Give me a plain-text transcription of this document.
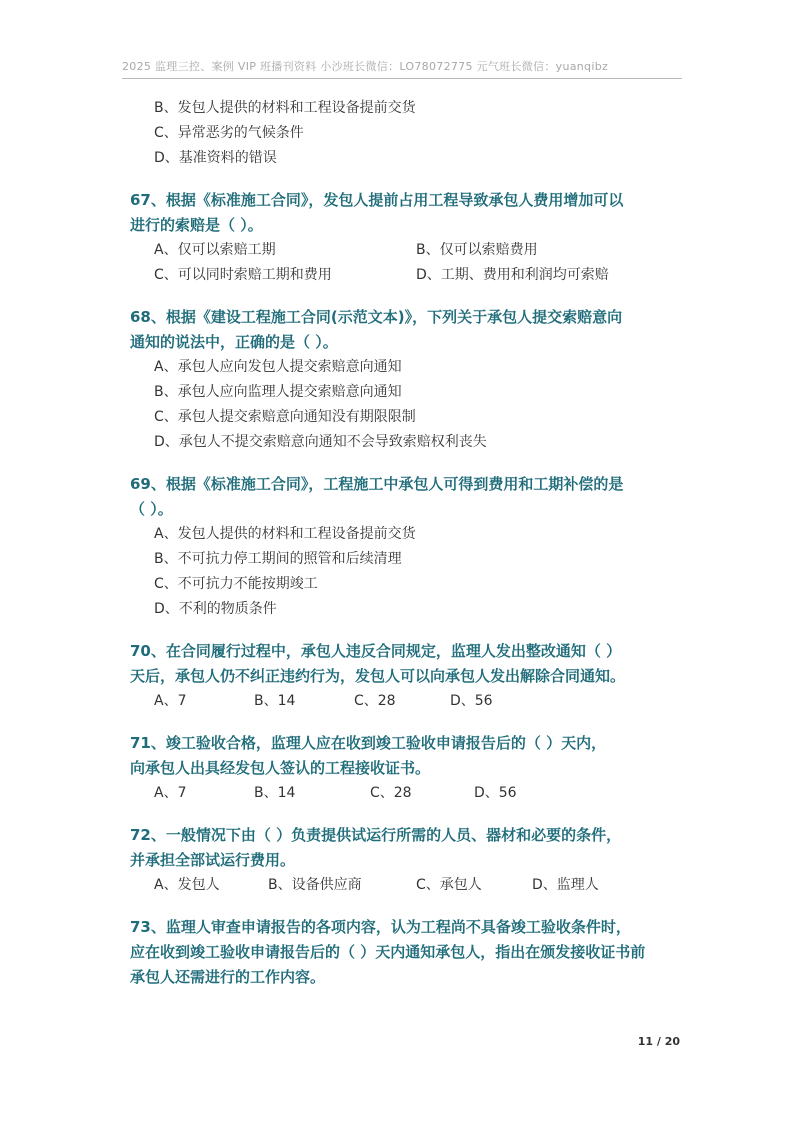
2025 监理三控、案例 VIP 班播刊资料 小沙班长微信：LO78072775 元气班长微信：yuanqibz
B、发包人提供的材料和工程设备提前交货
C、异常恶劣的气候条件
D、基准资料的错误
67、根据《标准施工合同》，发包人提前占用工程导致承包人费用增加可以
进行的索赔是（ ）。
A、仅可以索赔工期	B、仅可以索赔费用
C、可以同时索赔工期和费用	D、工期、费用和利润均可索赔
68、根据《建设工程施工合同(示范文本)》，下列关于承包人提交索赔意向
通知的说法中，正确的是（ ）。
A、承包人应向发包人提交索赔意向通知
B、承包人应向监理人提交索赔意向通知
C、承包人提交索赔意向通知没有期限限制
D、承包人不提交索赔意向通知不会导致索赔权利丧失
69、根据《标准施工合同》，工程施工中承包人可得到费用和工期补偿的是
（ ）。
A、发包人提供的材料和工程设备提前交货
B、不可抗力停工期间的照管和后续清理
C、不可抗力不能按期竣工
D、不利的物质条件
70、在合同履行过程中，承包人违反合同规定，监理人发出整改通知（ ）
天后，承包人仍不纠正违约行为，发包人可以向承包人发出解除合同通知。
A、7	B、14	C、28	D、56
71、竣工验收合格，监理人应在收到竣工验收申请报告后的（ ）天内，
向承包人出具经发包人签认的工程接收证书。
A、7	B、14	C、28	D、56
72、一般情况下由（ ）负责提供试运行所需的人员、器材和必要的条件，
并承担全部试运行费用。
A、发包人	B、设备供应商	C、承包人	D、监理人
73、监理人审查申请报告的各项内容，认为工程尚不具备竣工验收条件时，
应在收到竣工验收申请报告后的（ ）天内通知承包人，指出在颁发接收证书前
承包人还需进行的工作内容。
11 / 20
